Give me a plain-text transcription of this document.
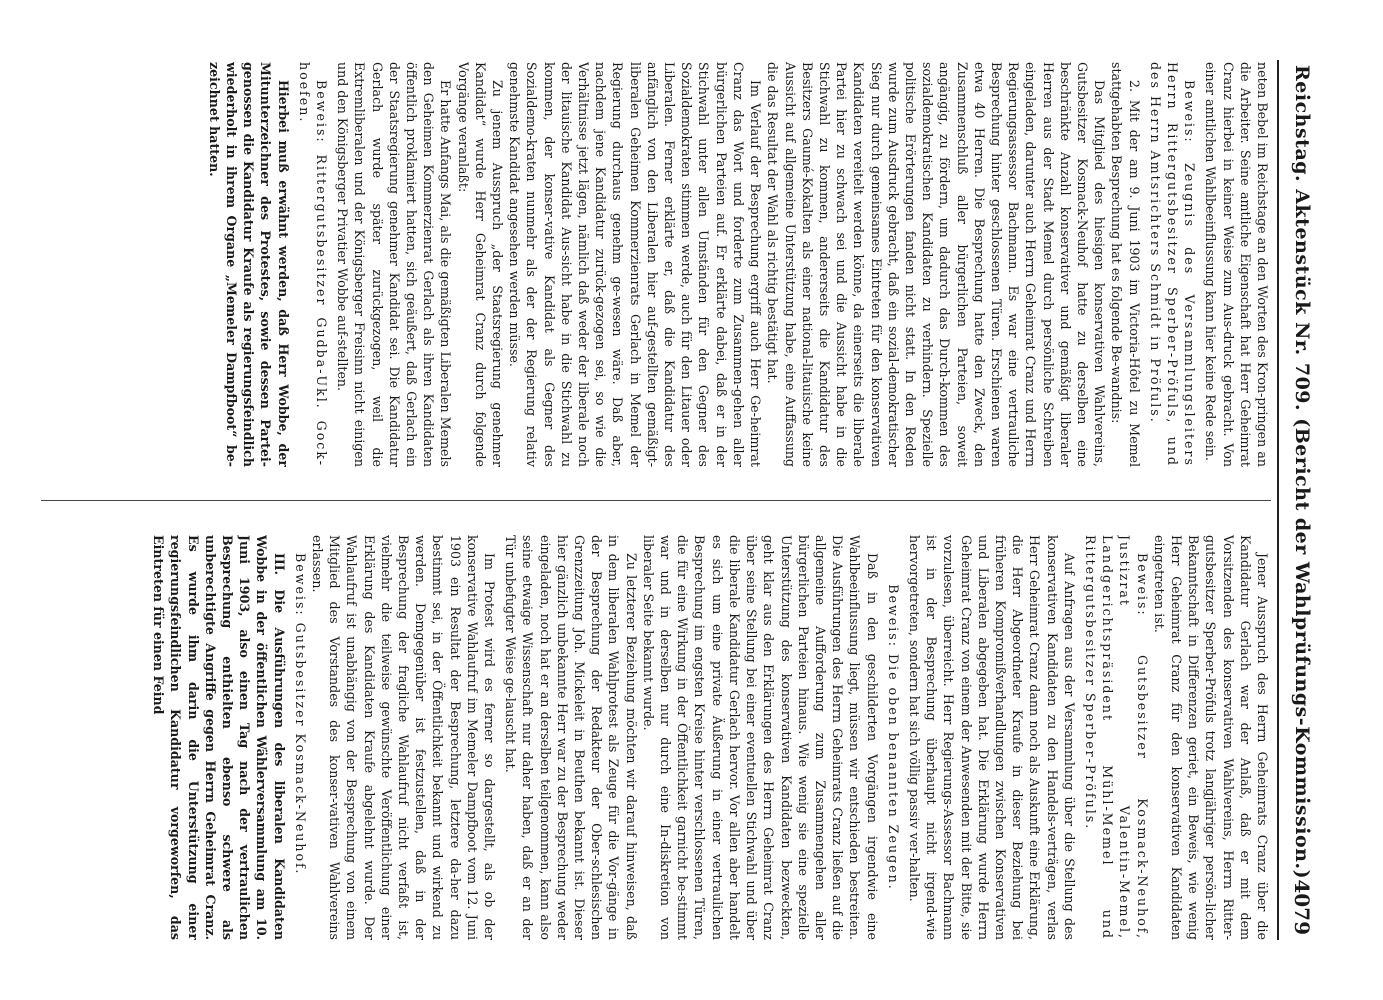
Reichstag. Aktenstück Nr. 709. (Bericht der Wahlprüfungs-Kommission.)
4079

neten Bebel im Reichstage an den Worten des Kron-pringen an die Arbeiter. Seine amtliche Eigenschaft hat Herr Geheimrat Cranz hierbei in keiner Weise zum Aus-druck gebracht. Von einer amtlichen Wahlbeeinflussung kann hier keine Rede sein.

Beweis: Zeugnis des Versammlungsleiters Herrn Rittergutsbesitzer Sperber-Pröfuls, und des Herrn Amtsrichters Schmidt in Pröfuls.

2. Mit der am 9. Juni 1903 im Victoria-Hôtel zu Memel stattgehabten Besprechung hat es folgende Be-wandnis:

Das Mitglied des hiesigen konservativen Wahlvereins, Gutsbesitzer Kosmack-Neuhof hatte zu derselben eine beschränkte Anzahl konservativer und gemäßigt liberaler Herren aus der Stadt Memel durch persönliche Schreiben eingeladen, darunter auch Herrn Geheimrat Cranz und Herrn Regierungsassessor Bachmann. Es war eine vertrauliche Besprechung hinter geschlossenen Türen. Erschienen waren etwa 40 Herren. Die Besprechung hatte den Zweck, den Zusammenschluß aller bürgerlichen Parteien, soweit angängig, zu fördern, um dadurch das Durch-kommen des sozialdemokratischen Kandidaten zu verhindern. Spezielle politische Erörterungen fanden nicht statt. In den Reden wurde zum Ausdruck gebracht, daß ein sozial-demokratischer Sieg nur durch gemeinsames Eintreten für den konservativen Kandidaten vereitelt werden könne, da einerseits die liberale Partei hier zu schwach sei und die Aussicht habe in die Stichwahl zu kommen, andererseits die Kandidatur des Besitzers Gaumé-Kokalten als einer national-litauische keine Aussicht auf allgemeine Unterstützung habe, eine Auffassung die das Resultat der Wahl als richtig bestätigt hat.

Im Verlauf der Besprechung ergriff auch Herr Ge-heimrat Cranz das Wort und forderte zum Zusammen-gehen aller bürgerlichen Parteien auf. Er erklärte dabei, daß er in der Stichwahl unter allen Umständen für den Gegner des Sozialdemokraten stimmen werde, auch für den Litauer oder Liberalen. Ferner erklärte er, daß die Kandidatur des anfänglich von den Liberalen hier auf-gestellten gemäßigt-liberalen Geheimen Kommerzienrats Gerlach in Memel der Regierung durchaus genehm ge-wesen wäre. Daß aber, nachdem jene Kandidatur zurück-gezogen sei, so wie die Verhältnisse jetzt lägen, nämlich daß weder der liberale noch der litauische Kandidat Aus-sicht habe in die Stichwahl zu kommen, der konser-vative Kandidat als Gegner des Sozialdemo-kraten nunmehr als der der Regierung relativ genehmste Kandidat angesehen werden müsse.

Zu jenem Ausspruch „der Staatsregierung genehmer Kandidat“ wurde Herr Geheimrat Cranz durch folgende Vorgänge veranlaßt:

Er hatte Anfangs Mai, als die gemäßigten Liberalen Memels den Geheimen Kommerzienrat Gerlach als ihren Kandidaten öffentlich proklamiert hatten, sich geäußert, daß Gerlach ein der Staatsregierung genehmer Kandidat sei. Die Kandidatur Gerlach wurde später zurückgezogen, weil die Extremliberalen und der Königsberger Freisinn nicht einigen und den Königsberger Privatier Wobbe auf-stellten.

Beweis: Rittergutsbesitzer Gudba-Ukl. Gock-hoefen.

Hierbei muß erwähnt werden, daß Herr Wobbe, der Mitunterzeichner des Protestes, sowie dessen Partei-genossen die Kandidatur Kraufe als regierungsfeindlich wiederholt in ihrem Organe „Memeler Dampfboot“ be-zeichnet hatten.

Jener Ausspruch des Herrn Geheimrats Cranz über die Kandidatur Gerlach war der Anlaß, daß er mit dem Vorsitzenden des konservativen Wahlvereins, Herrn Ritter-gutsbesitzer Sperber-Pröfuls trotz langjähriger persön-licher Bekanntschaft in Differenzen geriet, ein Beweis, wie wenig Herr Geheimrat Cranz für den konservativen Kandidaten eingetreten ist.

Beweis: Gutsbesitzer Kosmack-Neuhof, Justizrat Valentin-Memel, Landgerichtspräsident Mühl-Memel und Rittergutsbesitzer Sperber-Pröfuls.

Auf Anfragen aus der Versammlung über die Stellung des konservativen Kandidaten zu den Handels-verträgen, verlas Herr Geheimrat Cranz dann noch als Auskunft eine Erklärung, die Herr Abgeordneter Kraufe in dieser Beziehung bei früheren Kompromißverhandlungen zwischen Konservativen und Liberalen abgegeben hat. Die Erklärung wurde Herrn Geheimrat Cranz von einem der Anwesenden mit der Bitte, sie vorzulesen, überreicht. Herr Regierungs-Assessor Bachmann ist in der Besprechung überhaupt nicht irgend-wie hervorgetreten, sondern hat sich völlig passiv ver-halten.

Beweis: Die oben benannten Zeugen.

Daß in den geschilderten Vorgängen irgendwie eine Wahlbeeinflussung liegt, müssen wir entschieden bestreiten. Die Ausführungen des Herrn Geheimrats Cranz ließen auf die allgemeine Aufforderung zum Zusammengehen aller bürgerlichen Parteien hinaus. Wie wenig sie eine spezielle Unterstützung des konservativen Kandidaten bezweckten, geht klar aus den Erklärungen des Herrn Geheimrat Cranz über seine Stellung bei einer eventuellen Stichwahl und über die liberale Kandidatur Gerlach hervor. Vor allen aber handelt es sich um eine private Äußerung in einer vertraulichen Besprechung im engsten Kreise hinter verschlossenen Türen, die für eine Wirkung in der Öffentlichkeit garnicht be-stimmt war und in derselben nur durch eine In-diskretion von liberaler Seite bekannt wurde.

Zu letzterer Beziehung möchten wir darauf hinweisen, daß in dem liberalen Wahlprotest als Zeuge für die Vor-gänge in der Besprechung der Redakteur der Ober-schlesischen Grenzzeitung Joh. Mickeleit in Beuthen bekannt ist. Dieser hier gänzlich unbekannte Herr war zu der Besprechung weder eingeladen, noch hat er an derselben teilgenommen, kann also seine etwaige Wissenschaft nur daher haben, daß er an der Tür unbefugter Weise ge-lauscht hat.

Im Protest wird es ferner so dargestellt, als ob der konservative Wahlaufruf im Memeler Dampfboot vom 12. Juni 1903 ein Resultat der Besprechung, letztere da-her dazu bestimmt sei, in der Öffentlichkeit bekannt und wirkend zu werden. Demgegenüber ist festzustellen, daß in der Besprechung der fragliche Wahlaufruf nicht verfaßt ist, vielmehr die teilweise gewünschte Veröffentlichung einer Erklärung des Kandidaten Kraufe abgelehnt wurde. Der Wahlaufruf ist unabhängig von der Besprechung von einem Mitglied des Vorstandes des konser-vativen Wahlvereins erlassen.

Beweis: Gutsbesitzer Kosmack-Neuhof.

III. Die Ausführungen des liberalen Kandidaten Wobbe in der öffentlichen Wählerversammlung am 10. Juni 1903, also einen Tag nach der vertraulichen Besprechung enthielten ebenso schwere als unberechtigte Angriffe gegen Herrn Geheimrat Cranz. Es wurde ihm darin die Unterstützung einer regierungsfeindlichen Kandidatur vorgeworfen, das Eintreten für einen Feind
